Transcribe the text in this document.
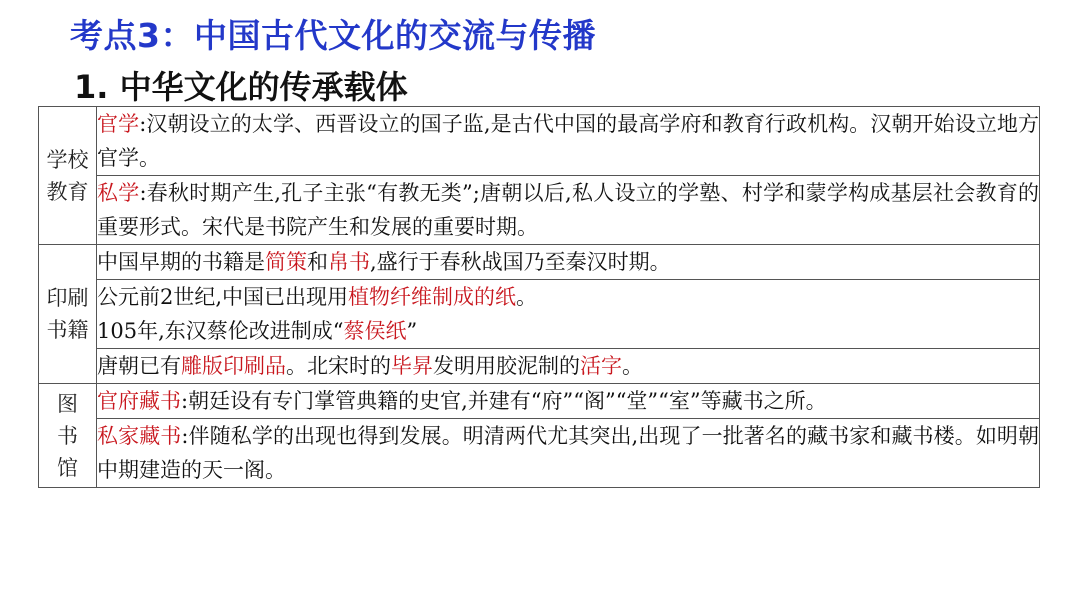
考点3：中国古代文化的交流与传播
1. 中华文化的传承载体
学校
教育	官学:汉朝设立的太学、西晋设立的国子监,是古代中国的最高学府和教育行政机构。汉朝开始设立地方官学。
	私学:春秋时期产生,孔子主张“有教无类”;唐朝以后,私人设立的学塾、村学和蒙学构成基层社会教育的重要形式。宋代是书院产生和发展的重要时期。

印刷
书籍	中国早期的书籍是简策和帛书,盛行于春秋战国乃至秦汉时期。

	公元前2世纪,中国已出现用植物纤维制成的纸。
105年,东汉蔡伦改进制成“蔡侯纸”

	唐朝已有雕版印刷品。北宋时的毕昇发明用胶泥制的活字。

图
书
馆	官府藏书:朝廷设有专门掌管典籍的史官,并建有“府”“阁”“堂”“室”等藏书之所。
	私家藏书:伴随私学的出现也得到发展。明清两代尤其突出,出现了一批著名的藏书家和藏书楼。如明朝中期建造的天一阁。
